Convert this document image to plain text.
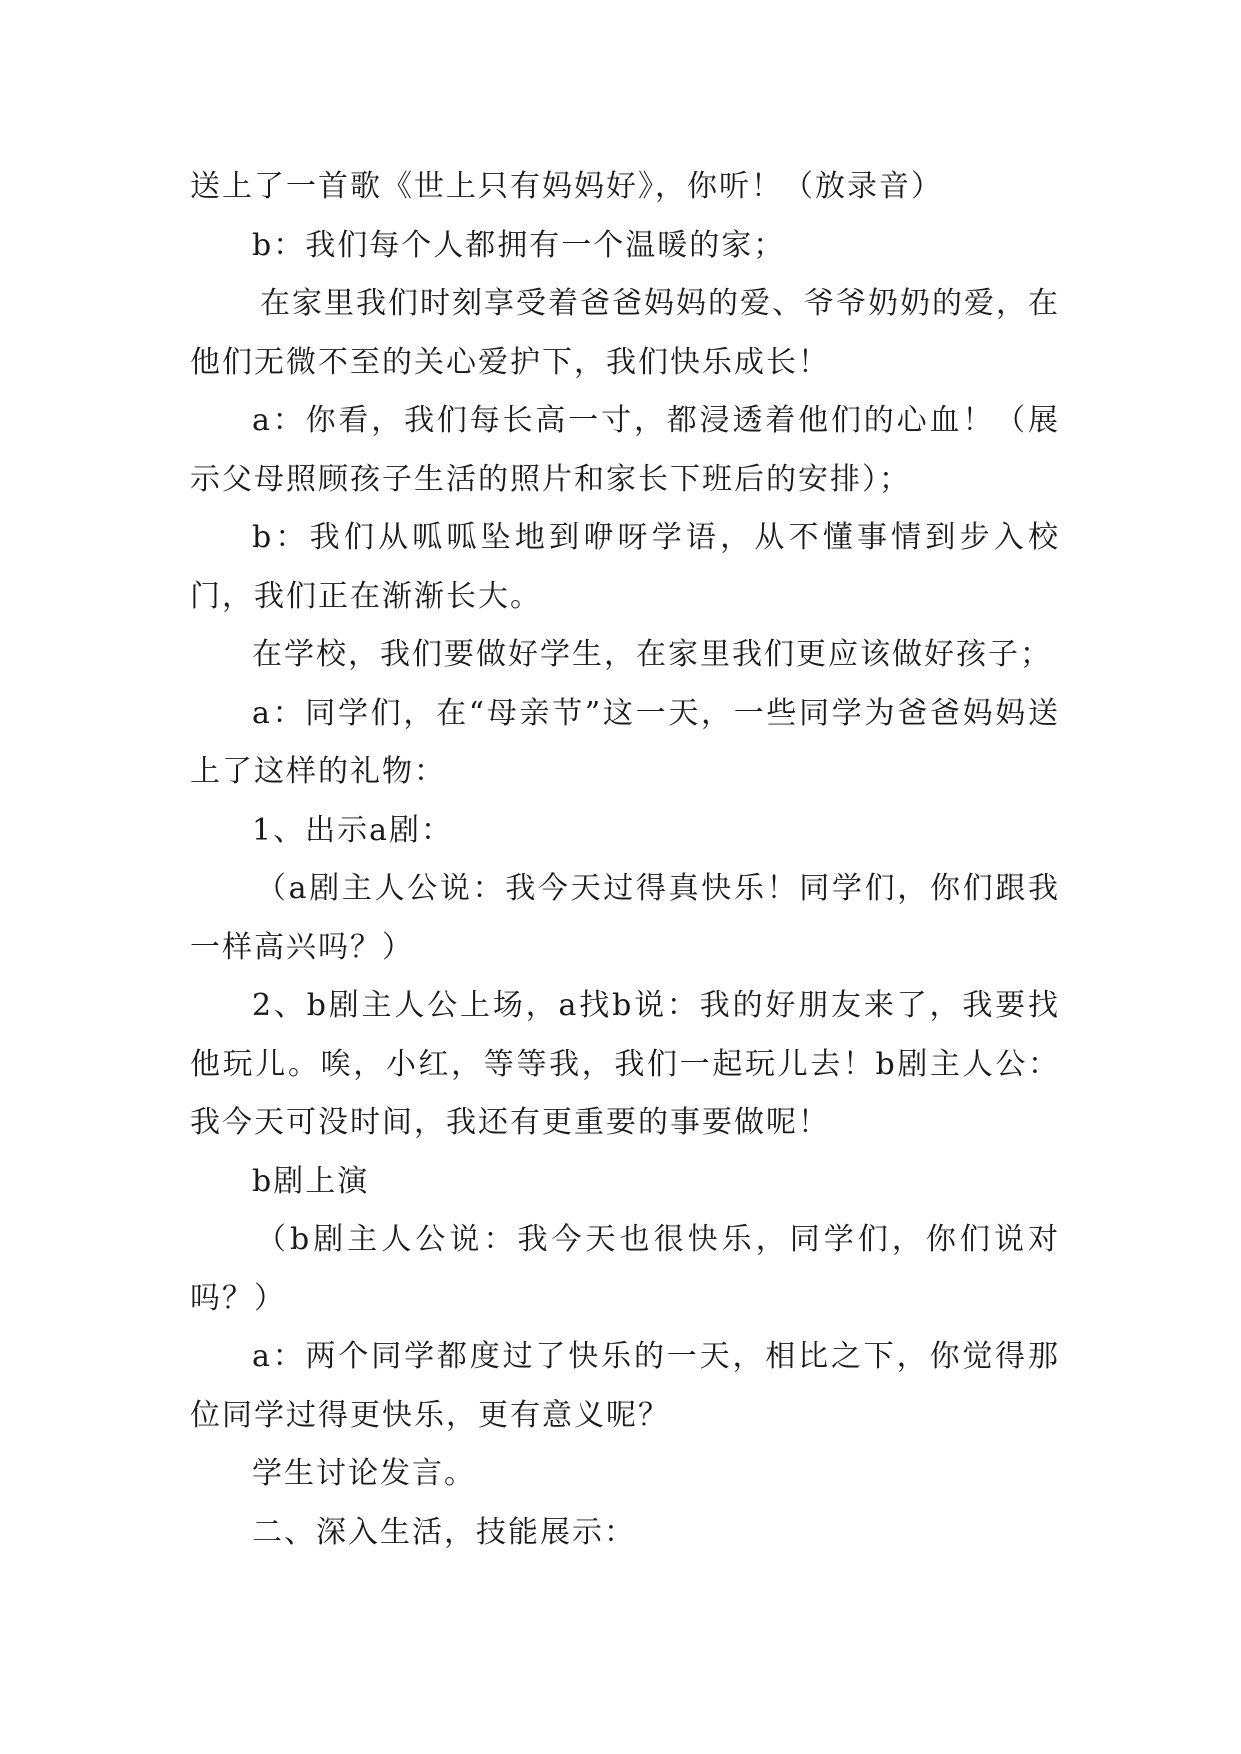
送上了一首歌《世上只有妈妈好》，你听！（放录音）

b：我们每个人都拥有一个温暖的家；

在家里我们时刻享受着爸爸妈妈的爱、爷爷奶奶的爱，在他们无微不至的关心爱护下，我们快乐成长！

a：你看，我们每长高一寸，都浸透着他们的心血！（展示父母照顾孩子生活的照片和家长下班后的安排）；

b：我们从呱呱坠地到咿呀学语，从不懂事情到步入校门，我们正在渐渐长大。

在学校，我们要做好学生，在家里我们更应该做好孩子；

a：同学们，在“母亲节”这一天，一些同学为爸爸妈妈送上了这样的礼物：

1、出示a剧：

（a剧主人公说：我今天过得真快乐！同学们，你们跟我一样高兴吗？）

2、b剧主人公上场，a找b说：我的好朋友来了，我要找他玩儿。唉，小红，等等我，我们一起玩儿去！b剧主人公：我今天可没时间，我还有更重要的事要做呢！

b剧上演

（b剧主人公说：我今天也很快乐，同学们，你们说对吗？）

a：两个同学都度过了快乐的一天，相比之下，你觉得那位同学过得更快乐，更有意义呢？

学生讨论发言。

二、深入生活，技能展示：
